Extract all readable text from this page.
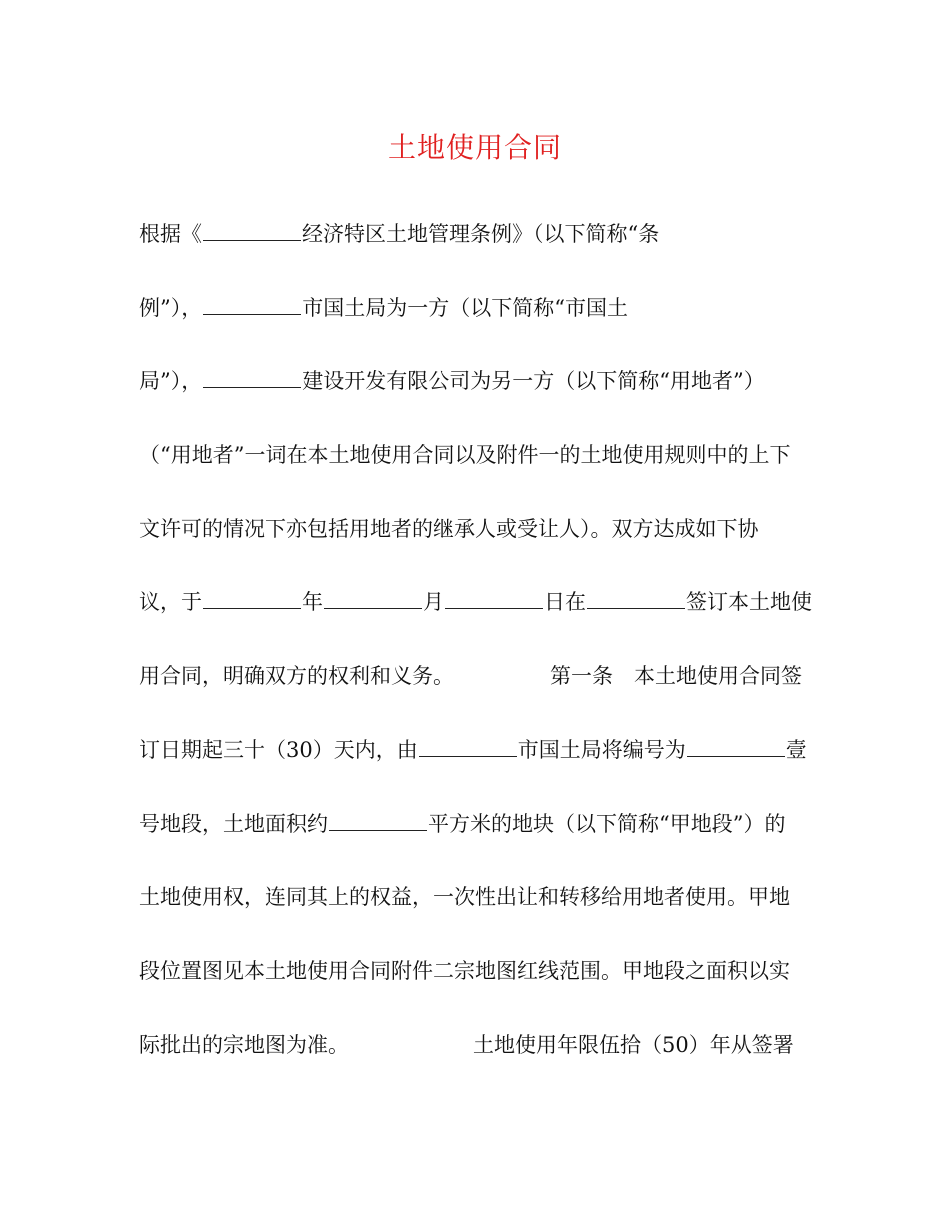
土地使用合同
根据《	经济特区土地管理条例》（以下简称“条
例”），	市国土局为一方（以下简称“市国土
局”），	建设开发有限公司为另一方（以下简称“用地者”）
（“用地者”一词在本土地使用合同以及附件一的土地使用规则中的上下
文许可的情况下亦包括用地者的继承人或受让人）。双方达成如下协
议，于	年	月	日在	签订本土地使
用合同，明确双方的权利和义务。	第一条　本土地使用合同签
订日期起三十（30）天内，由	市国土局将编号为	壹
号地段，土地面积约	平方米的地块（以下简称“甲地段”）的
土地使用权，连同其上的权益，一次性出让和转移给用地者使用。甲地
段位置图见本土地使用合同附件二宗地图红线范围。甲地段之面积以实
际批出的宗地图为准。	土地使用年限伍拾（50）年从签署
